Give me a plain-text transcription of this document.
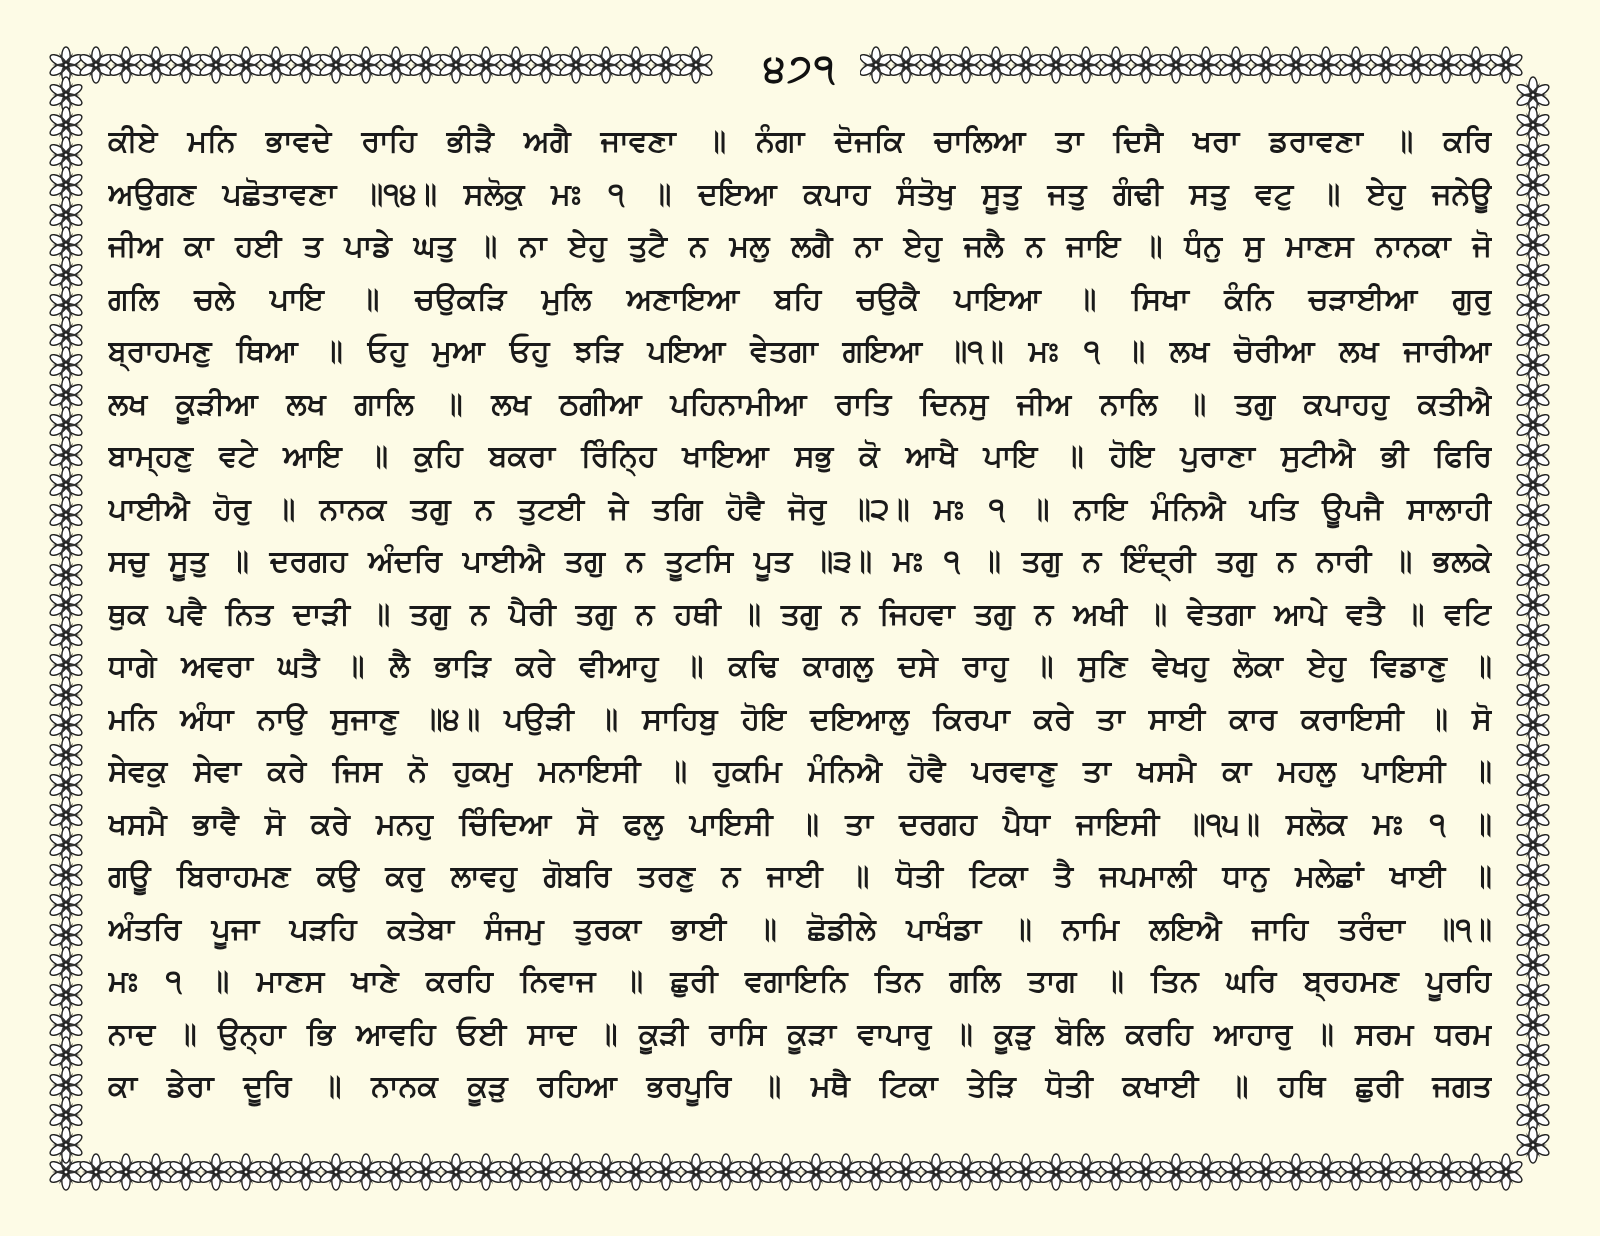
੪੭੧
ਕੀਏ ਮਨਿ ਭਾਵਦੇ ਰਾਹਿ ਭੀੜੈ ਅਗੈ ਜਾਵਣਾ ॥ ਨੰਗਾ ਦੋਜਕਿ ਚਾਲਿਆ ਤਾ ਦਿਸੈ ਖਰਾ ਡਰਾਵਣਾ ॥ ਕਰਿ
ਅਉਗਣ ਪਛੋਤਾਵਣਾ ॥੧੪॥ ਸਲੋਕੁ ਮਃ ੧ ॥ ਦਇਆ ਕਪਾਹ ਸੰਤੋਖੁ ਸੂਤੁ ਜਤੁ ਗੰਢੀ ਸਤੁ ਵਟੁ ॥ ਏਹੁ ਜਨੇਊ
ਜੀਅ ਕਾ ਹਈ ਤ ਪਾਡੇ ਘਤੁ ॥ ਨਾ ਏਹੁ ਤੁਟੈ ਨ ਮਲੁ ਲਗੈ ਨਾ ਏਹੁ ਜਲੈ ਨ ਜਾਇ ॥ ਧੰਨੁ ਸੁ ਮਾਣਸ ਨਾਨਕਾ ਜੋ
ਗਲਿ ਚਲੇ ਪਾਇ ॥ ਚਉਕੜਿ ਮੁਲਿ ਅਣਾਇਆ ਬਹਿ ਚਉਕੈ ਪਾਇਆ ॥ ਸਿਖਾ ਕੰਨਿ ਚੜਾਈਆ ਗੁਰੁ
ਬ੍ਰਾਹਮਣੁ ਥਿਆ ॥ ਓਹੁ ਮੁਆ ਓਹੁ ਝੜਿ ਪਇਆ ਵੇਤਗਾ ਗਇਆ ॥੧॥ ਮਃ ੧ ॥ ਲਖ ਚੋਰੀਆ ਲਖ ਜਾਰੀਆ
ਲਖ ਕੂੜੀਆ ਲਖ ਗਾਲਿ ॥ ਲਖ ਠਗੀਆ ਪਹਿਨਾਮੀਆ ਰਾਤਿ ਦਿਨਸੁ ਜੀਅ ਨਾਲਿ ॥ ਤਗੁ ਕਪਾਹਹੁ ਕਤੀਐ
ਬਾਮ੍ਹਣੁ ਵਟੇ ਆਇ ॥ ਕੁਹਿ ਬਕਰਾ ਰਿੰਨ੍ਹਿ ਖਾਇਆ ਸਭੁ ਕੋ ਆਖੈ ਪਾਇ ॥ ਹੋਇ ਪੁਰਾਣਾ ਸੁਟੀਐ ਭੀ ਫਿਰਿ
ਪਾਈਐ ਹੋਰੁ ॥ ਨਾਨਕ ਤਗੁ ਨ ਤੁਟਈ ਜੇ ਤਗਿ ਹੋਵੈ ਜੋਰੁ ॥੨॥ ਮਃ ੧ ॥ ਨਾਇ ਮੰਨਿਐ ਪਤਿ ਊਪਜੈ ਸਾਲਾਹੀ
ਸਚੁ ਸੂਤੁ ॥ ਦਰਗਹ ਅੰਦਰਿ ਪਾਈਐ ਤਗੁ ਨ ਤੂਟਸਿ ਪੂਤ ॥੩॥ ਮਃ ੧ ॥ ਤਗੁ ਨ ਇੰਦ੍ਰੀ ਤਗੁ ਨ ਨਾਰੀ ॥ ਭਲਕੇ
ਥੁਕ ਪਵੈ ਨਿਤ ਦਾੜੀ ॥ ਤਗੁ ਨ ਪੈਰੀ ਤਗੁ ਨ ਹਥੀ ॥ ਤਗੁ ਨ ਜਿਹਵਾ ਤਗੁ ਨ ਅਖੀ ॥ ਵੇਤਗਾ ਆਪੇ ਵਤੈ ॥ ਵਟਿ
ਧਾਗੇ ਅਵਰਾ ਘਤੈ ॥ ਲੈ ਭਾੜਿ ਕਰੇ ਵੀਆਹੁ ॥ ਕਢਿ ਕਾਗਲੁ ਦਸੇ ਰਾਹੁ ॥ ਸੁਣਿ ਵੇਖਹੁ ਲੋਕਾ ਏਹੁ ਵਿਡਾਣੁ ॥
ਮਨਿ ਅੰਧਾ ਨਾਉ ਸੁਜਾਣੁ ॥੪॥ ਪਉੜੀ ॥ ਸਾਹਿਬੁ ਹੋਇ ਦਇਆਲੁ ਕਿਰਪਾ ਕਰੇ ਤਾ ਸਾਈ ਕਾਰ ਕਰਾਇਸੀ ॥ ਸੋ
ਸੇਵਕੁ ਸੇਵਾ ਕਰੇ ਜਿਸ ਨੋ ਹੁਕਮੁ ਮਨਾਇਸੀ ॥ ਹੁਕਮਿ ਮੰਨਿਐ ਹੋਵੈ ਪਰਵਾਣੁ ਤਾ ਖਸਮੈ ਕਾ ਮਹਲੁ ਪਾਇਸੀ ॥
ਖਸਮੈ ਭਾਵੈ ਸੋ ਕਰੇ ਮਨਹੁ ਚਿੰਦਿਆ ਸੋ ਫਲੁ ਪਾਇਸੀ ॥ ਤਾ ਦਰਗਹ ਪੈਧਾ ਜਾਇਸੀ ॥੧੫॥ ਸਲੋਕ ਮਃ ੧ ॥
ਗਊ ਬਿਰਾਹਮਣ ਕਉ ਕਰੁ ਲਾਵਹੁ ਗੋਬਰਿ ਤਰਣੁ ਨ ਜਾਈ ॥ ਧੋਤੀ ਟਿਕਾ ਤੈ ਜਪਮਾਲੀ ਧਾਨੁ ਮਲੇਛਾਂ ਖਾਈ ॥
ਅੰਤਰਿ ਪੂਜਾ ਪੜਹਿ ਕਤੇਬਾ ਸੰਜਮੁ ਤੁਰਕਾ ਭਾਈ ॥ ਛੋਡੀਲੇ ਪਾਖੰਡਾ ॥ ਨਾਮਿ ਲਇਐ ਜਾਹਿ ਤਰੰਦਾ ॥੧॥
ਮਃ ੧ ॥ ਮਾਣਸ ਖਾਣੇ ਕਰਹਿ ਨਿਵਾਜ ॥ ਛੁਰੀ ਵਗਾਇਨਿ ਤਿਨ ਗਲਿ ਤਾਗ ॥ ਤਿਨ ਘਰਿ ਬ੍ਰਹਮਣ ਪੂਰਹਿ
ਨਾਦ ॥ ਉਨ੍ਹਾ ਭਿ ਆਵਹਿ ਓਈ ਸਾਦ ॥ ਕੂੜੀ ਰਾਸਿ ਕੂੜਾ ਵਾਪਾਰੁ ॥ ਕੂੜੁ ਬੋਲਿ ਕਰਹਿ ਆਹਾਰੁ ॥ ਸਰਮ ਧਰਮ
ਕਾ ਡੇਰਾ ਦੂਰਿ ॥ ਨਾਨਕ ਕੂੜੁ ਰਹਿਆ ਭਰਪੂਰਿ ॥ ਮਥੈ ਟਿਕਾ ਤੇੜਿ ਧੋਤੀ ਕਖਾਈ ॥ ਹਥਿ ਛੁਰੀ ਜਗਤ
